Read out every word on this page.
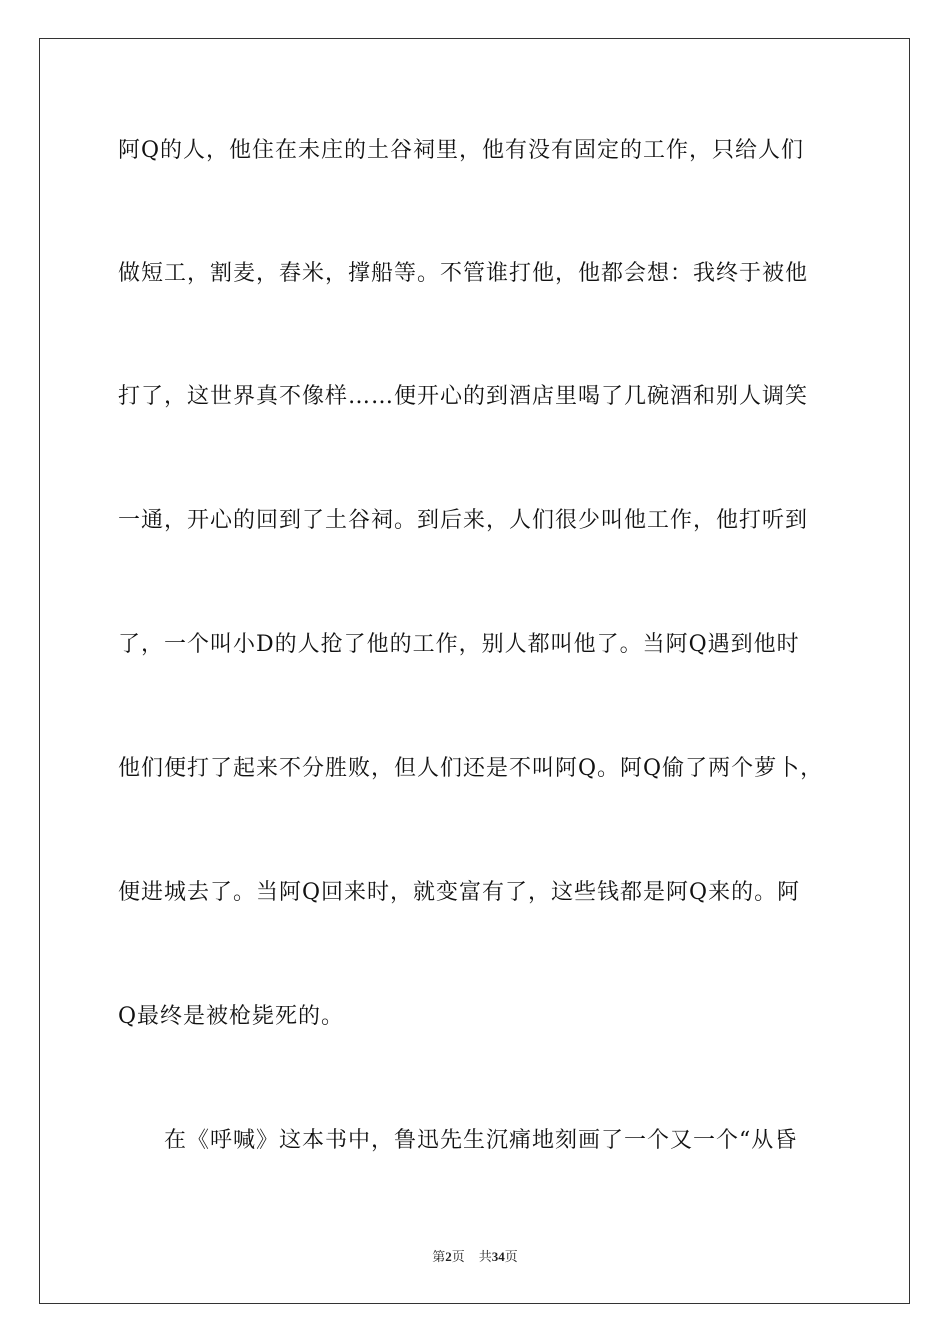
阿Q的人，他住在未庄的土谷祠里，他有没有固定的工作，只给人们
做短工，割麦，舂米，撑船等。不管谁打他，他都会想：我终于被他
打了，这世界真不像样……便开心的到酒店里喝了几碗酒和别人调笑
一通，开心的回到了土谷祠。到后来，人们很少叫他工作，他打听到
了，一个叫小D的人抢了他的工作，别人都叫他了。当阿Q遇到他时
他们便打了起来不分胜败，但人们还是不叫阿Q。阿Q偷了两个萝卜，
便进城去了。当阿Q回来时，就变富有了，这些钱都是阿Q来的。阿
Q最终是被枪毙死的。
在《呼喊》这本书中，鲁迅先生沉痛地刻画了一个又一个“从昏
第2页 共34页
